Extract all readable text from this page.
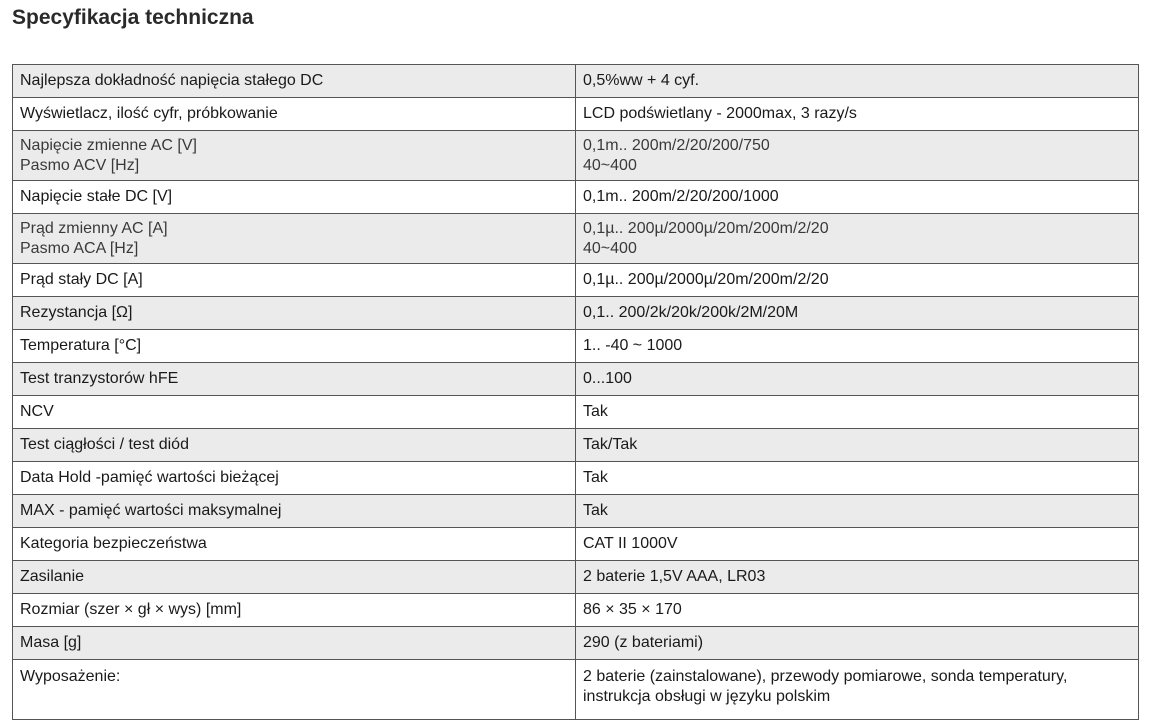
Specyfikacja techniczna
Najlepsza dokładność napięcia stałego DC	0,5%ww + 4 cyf.

Wyświetlacz, ilość cyfr, próbkowanie	LCD podświetlany - 2000max, 3 razy/s

Napięcie zmienne AC [V]
Pasmo ACV [Hz]	0,1m.. 200m/2/20/200/750
40~400

Napięcie stałe DC [V]	0,1m.. 200m/2/20/200/1000

Prąd zmienny AC [A]
Pasmo ACA [Hz]	0,1µ.. 200µ/2000µ/20m/200m/2/20
40~400

Prąd stały DC [A]	0,1µ.. 200µ/2000µ/20m/200m/2/20

Rezystancja [Ω]	0,1.. 200/2k/20k/200k/2M/20M

Temperatura [°C]	1.. -40 ~ 1000

Test tranzystorów hFE	0...100

NCV	Tak

Test ciągłości / test diód	Tak/Tak

Data Hold -pamięć wartości bieżącej	Tak

MAX - pamięć wartości maksymalnej	Tak

Kategoria bezpieczeństwa	CAT II 1000V

Zasilanie	2 baterie 1,5V AAA, LR03

Rozmiar (szer × gł × wys) [mm]	86 × 35 × 170

Masa [g]	290 (z bateriami)

Wyposażenie:	2 baterie (zainstalowane), przewody pomiarowe, sonda temperatury,
instrukcja obsługi w języku polskim
